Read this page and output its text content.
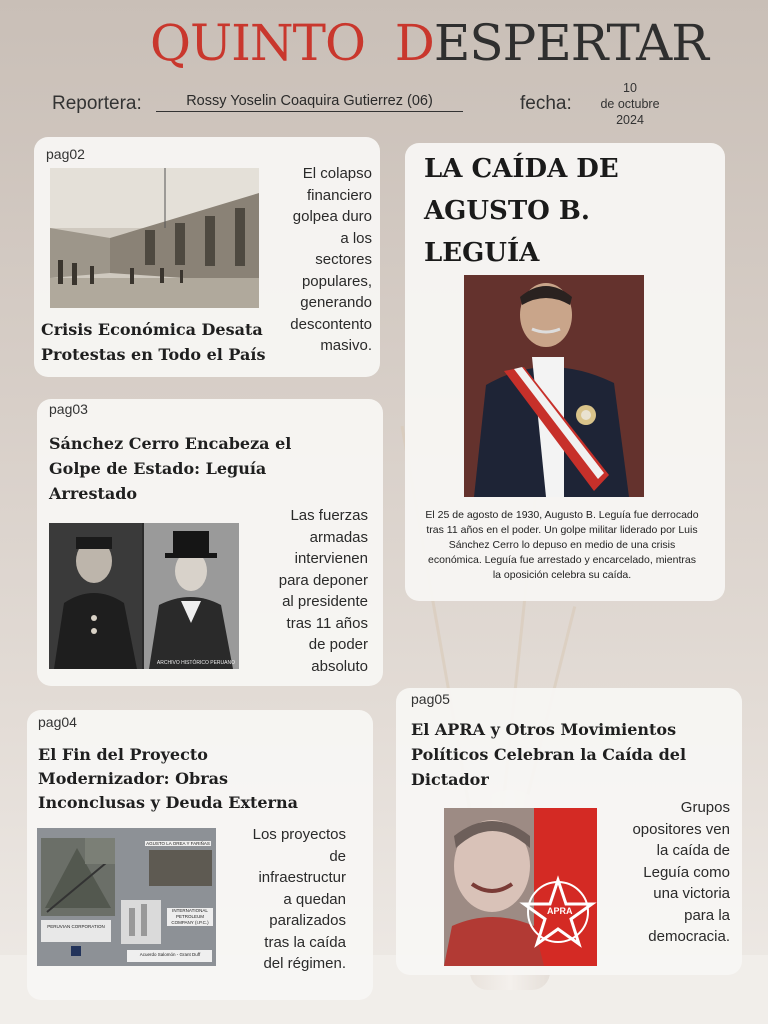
QUINTO DESPERTAR
Reportera:	Rossy Yoselin Coaquira Gutierrez (06)	fecha:
10
de octubre
2024
pag02
Crisis Económica Desata
Protestas en Todo el País
El colapso
financiero
golpea duro
a los
sectores
populares,
generando
descontento
masivo.
pag03
Sánchez Cerro Encabeza el
Golpe de Estado: Leguía
Arrestado
ARCHIVO HISTÓRICO PERUANO
Las fuerzas
armadas
intervienen
para deponer
al presidente
tras 11 años
de poder
absoluto
pag04
El Fin del Proyecto
Modernizador: Obras
Inconclusas y Deuda Externa
AGUSTO LA OREA Y FARIÑAS
INTERNATIONAL PETROLEUM COMPANY (I.P.C.)
PERUVIAN CORPORATION
Acuerdo Salomón - Grant Duff
Los proyectos
de
infraestructur
a quedan
paralizados
tras la caída
del régimen.
LA CAÍDA DE
AGUSTO B. LEGUÍA
El 25 de agosto de 1930, Augusto B. Leguía fue derrocado tras 11 años en el poder. Un golpe militar liderado por Luis Sánchez Cerro lo depuso en medio de una crisis económica. Leguía fue arrestado y encarcelado, mientras la oposición celebra su caída.
pag05
El APRA y Otros Movimientos
Políticos Celebran la Caída del
Dictador
APRA
Grupos
opositores ven
la caída de
Leguía como
una victoria
para la
democracia.
